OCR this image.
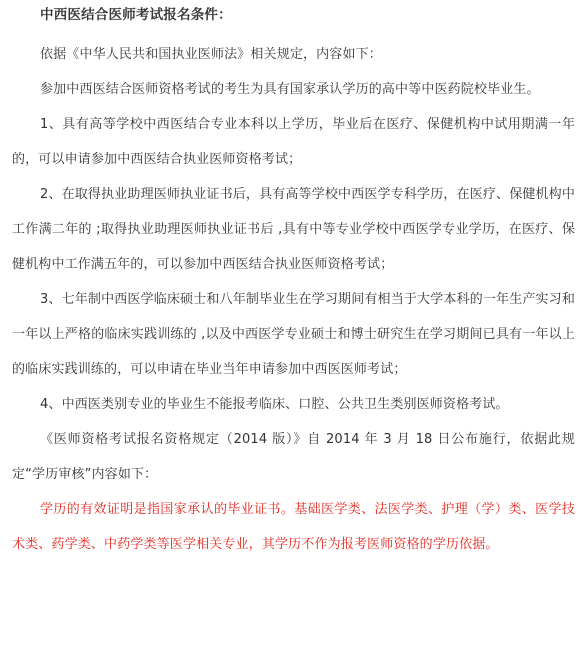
中西医结合医师考试报名条件：

依据《中华人民共和国执业医师法》相关规定，内容如下：

参加中西医结合医师资格考试的考生为具有国家承认学历的高中等中医药院校毕业生。

1、具有高等学校中西医结合专业本科以上学历，毕业后在医疗、保健机构中试用期满一年的，可以申请参加中西医结合执业医师资格考试；

2、在取得执业助理医师执业证书后，具有高等学校中西医学专科学历，在医疗、保健机构中工作满二年的 ;取得执业助理医师执业证书后 ,具有中等专业学校中西医学专业学历，在医疗、保健机构中工作满五年的，可以参加中西医结合执业医师资格考试；

3、七年制中西医学临床硕士和八年制毕业生在学习期间有相当于大学本科的一年生产实习和一年以上严格的临床实践训练的 ,以及中西医学专业硕士和博士研究生在学习期间已具有一年以上的临床实践训练的，可以申请在毕业当年申请参加中西医医师考试；

4、中西医类别专业的毕业生不能报考临床、口腔、公共卫生类别医师资格考试。

《医师资格考试报名资格规定（2014 版）》自 2014 年 3 月 18 日公布施行，依据此规定“学历审核”内容如下：

学历的有效证明是指国家承认的毕业证书。基础医学类、法医学类、护理（学）类、医学技术类、药学类、中药学类等医学相关专业，其学历不作为报考医师资格的学历依据。
